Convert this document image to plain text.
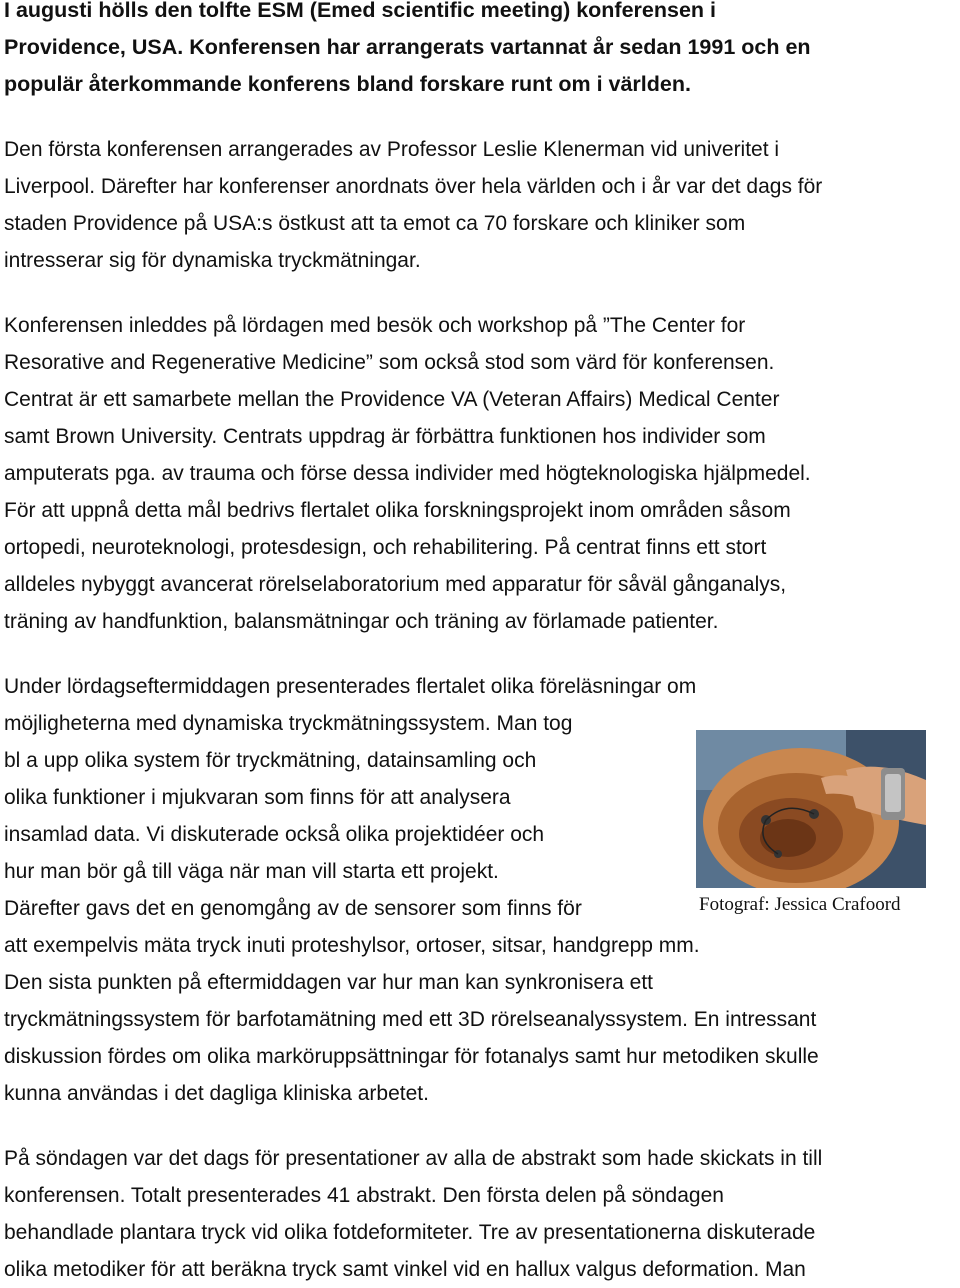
I augusti hölls den tolfte ESM (Emed scientific meeting) konferensen i
Providence, USA. Konferensen har arrangerats vartannat år sedan 1991 och en
populär återkommande konferens bland forskare runt om i världen.
Den första konferensen arrangerades av Professor Leslie Klenerman vid univeritet i
Liverpool. Därefter har konferenser anordnats över hela världen och i år var det dags för
staden Providence på USA:s östkust att ta emot ca 70 forskare och kliniker som
intresserar sig för dynamiska tryckmätningar.
Konferensen inleddes på lördagen med besök och workshop på ”The Center for
Resorative and Regenerative Medicine” som också stod som värd för konferensen.
Centrat är ett samarbete mellan the Providence VA (Veteran Affairs) Medical Center
samt Brown University. Centrats uppdrag är förbättra funktionen hos individer som
amputerats pga. av trauma och förse dessa individer med högteknologiska hjälpmedel.
För att uppnå detta mål bedrivs flertalet olika forskningsprojekt inom områden såsom
ortopedi, neuroteknologi, protesdesign, och rehabilitering. På centrat finns ett stort
alldeles nybyggt avancerat rörelselaboratorium med apparatur för såväl gånganalys,
träning av handfunktion, balansmätningar och träning av förlamade patienter.
Under lördagseftermiddagen presenterades flertalet olika föreläsningar om
möjligheterna med dynamiska tryckmätningssystem. Man tog
bl a upp olika system för tryckmätning, datainsamling och
olika funktioner i mjukvaran som finns för att analysera
insamlad data. Vi diskuterade också olika projektidéer och
hur man bör gå till väga när man vill starta ett projekt.
Därefter gavs det en genomgång av de sensorer som finns för
att exempelvis mäta tryck inuti proteshylsor, ortoser, sitsar, handgrepp mm.
Den sista punkten på eftermiddagen var hur man kan synkronisera ett
tryckmätningssystem för barfotamätning med ett 3D rörelseanalyssystem. En intressant
diskussion fördes om olika marköruppsättningar för fotanalys samt hur metodiken skulle
kunna användas i det dagliga kliniska arbetet.
På söndagen var det dags för presentationer av alla de abstrakt som hade skickats in till
konferensen. Totalt presenterades 41 abstrakt. Den första delen på söndagen
behandlade plantara tryck vid olika fotdeformiteter. Tre av presentationerna diskuterade
olika metodiker för att beräkna tryck samt vinkel vid en hallux valgus deformation. Man
Fotograf: Jessica Crafoord
